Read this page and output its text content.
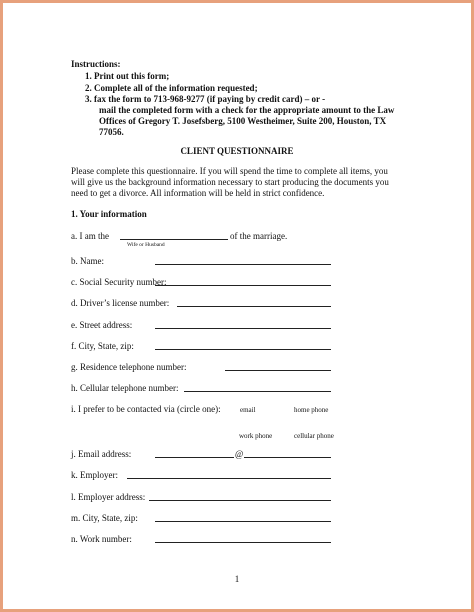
Instructions:
1. Print out this form;
2. Complete all of the information requested;
3. fax the form to 713-968-9277 (if paying by credit card) – or -
mail the completed form with a check for the appropriate amount to the Law
Offices of Gregory T. Josefsberg, 5100 Westheimer, Suite 200, Houston, TX
77056.
CLIENT QUESTIONNAIRE
Please complete this questionnaire. If you will spend the time to complete all items, you
will give us the background information necessary to start producing the documents you
need to get a divorce. All information will be held in strict confidence.
1. Your information
a. I am the	of the marriage.
Wife or Husband
b. Name:
c. Social Security number:
d. Driver’s license number:
e. Street address:
f. City, State, zip:
g. Residence telephone number:
h. Cellular telephone number:
i. I prefer to be contacted via (circle one):	email	home phone
work phone	cellular phone
j. Email address:	@
k. Employer:
l. Employer address:
m. City, State, zip:
n. Work number:
1
